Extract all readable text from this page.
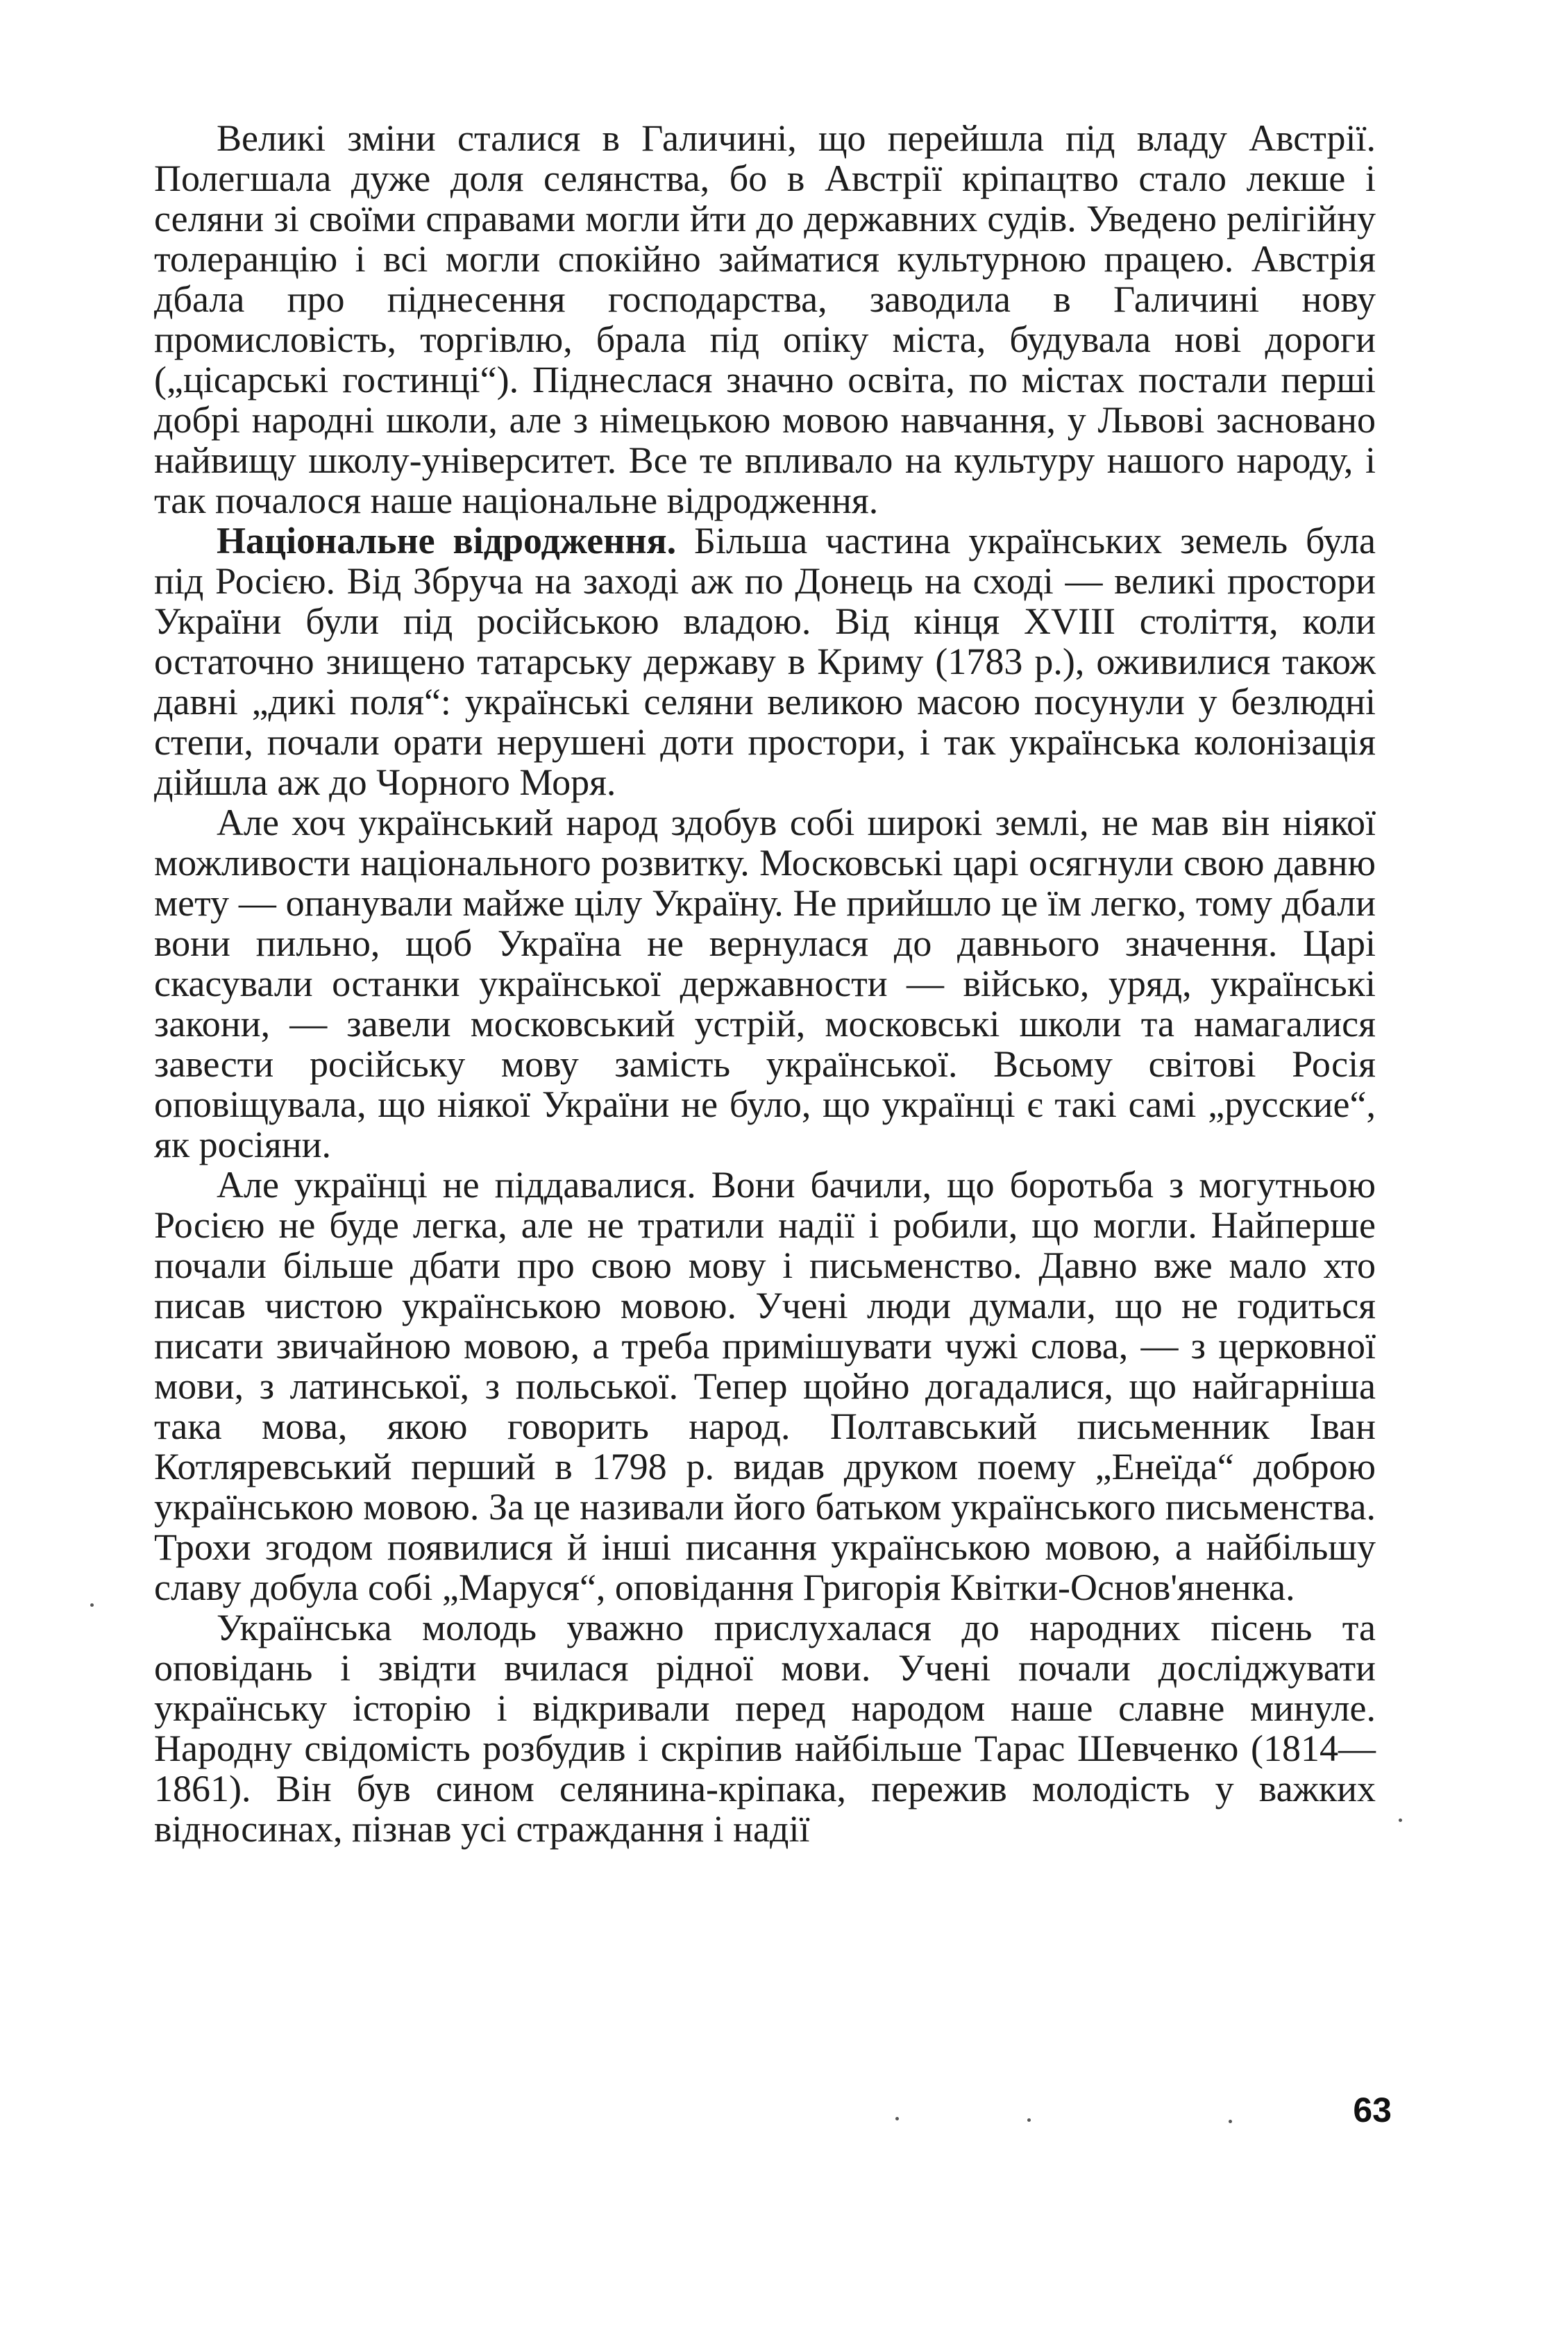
Великі зміни сталися в Галичині, що перейшла під владу Австрії. Полегшала дуже доля селянства, бо в Австрії кріпацтво стало лекше і селяни зі своїми справами могли йти до державних судів. Уведено релігійну толеранцію і всі могли спокійно займатися культурною працею. Австрія дбала про піднесення господарства, заводила в Галичині нову промисловість, торгівлю, брала під опіку міста, будувала нові дороги („цісарські гостинці“). Піднеслася значно освіта, по містах постали перші добрі народні школи, але з німецькою мовою навчання, у Львові засновано найвищу школу-університет. Все те впливало на культуру нашого народу, і так почалося наше національне відродження.

Національне відродження. Більша частина українських земель була під Росією. Від Збруча на заході аж по Донець на сході — великі простори України були під російською владою. Від кінця XVIII століття, коли остаточно знищено татарську державу в Криму (1783 р.), оживилися також давні „дикі поля“: українські селяни великою масою посунули у безлюдні степи, почали орати нерушені доти простори, і так українська колонізація дійшла аж до Чорного Моря.

Але хоч український народ здобув собі широкі землі, не мав він ніякої можливости національного розвитку. Московські царі осягнули свою давню мету — опанували майже цілу Україну. Не прийшло це їм легко, тому дбали вони пильно, щоб Україна не вернулася до давнього значення. Царі скасували останки української державности — військо, уряд, українські закони, — завели московський устрій, московські школи та намагалися завести російську мову замість української. Всьому світові Росія оповіщувала, що ніякої України не було, що українці є такі самі „русские“, як росіяни.

Але українці не піддавалися. Вони бачили, що боротьба з могутньою Росією не буде легка, але не тратили надії і робили, що могли. Найперше почали більше дбати про свою мову і письменство. Давно вже мало хто писав чистою українською мовою. Учені люди думали, що не годиться писати звичайною мовою, а треба примішувати чужі слова, — з церковної мови, з латинської, з польської. Тепер щойно догадалися, що найгарніша така мова, якою говорить народ. Полтавський письменник Іван Котляревський перший в 1798 р. видав друком поему „Енеїда“ доброю українською мовою. За це називали його батьком українського письменства. Трохи згодом появилися й інші писання українською мовою, а найбільшу славу добула собі „Маруся“, оповідання Григорія Квітки-Основ'яненка.

Українська молодь уважно прислухалася до народних пісень та оповідань і звідти вчилася рідної мови. Учені почали досліджувати українську історію і відкривали перед народом наше славне минуле. Народну свідомість розбудив і скріпив найбільше Тарас Шевченко (1814—1861). Він був сином селянина-кріпака, пережив молодість у важких відносинах, пізнав усі страждання і надії

63
